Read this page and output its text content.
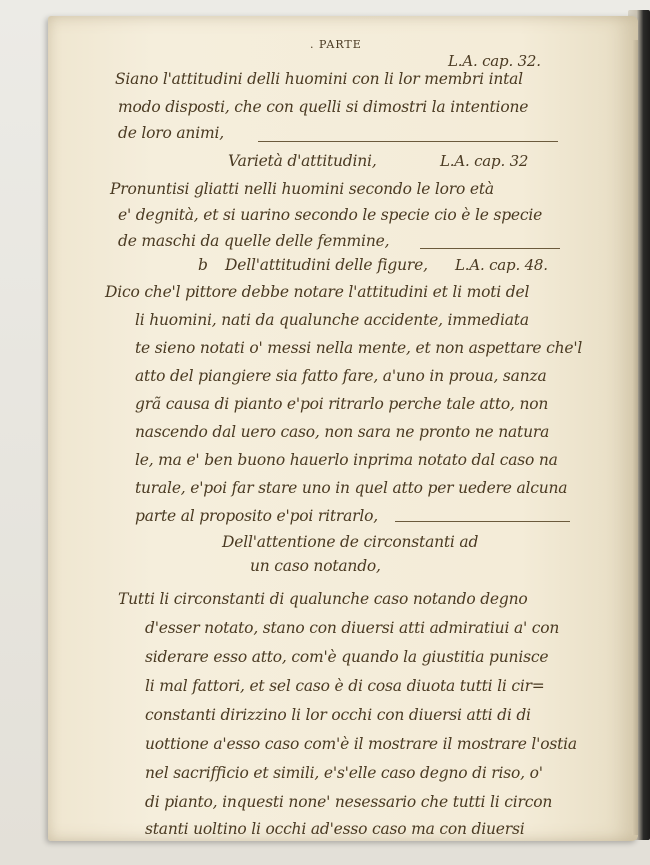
. PARTE
L.A. cap. 32.
Siano l'attitudini delli huomini con li lor membri intal
modo disposti, che con quelli si dimostri la intentione
de loro animi,
Varietà d'attitudini,	L.A. cap. 32
Pronuntisi gliatti nelli huomini secondo le loro età
e' degnità, et si uarino secondo le specie cio è le specie
de maschi da quelle delle femmine,
b Dell'attitudini delle figure, L.A. cap. 48.
Dico che'l pittore debbe notare l'attitudini et li moti del
li huomini, nati da qualunche accidente, immediata
te sieno notati o' messi nella mente, et non aspettare che'l
atto del piangiere sia fatto fare, a'uno in proua, sanza
grã causa di pianto e'poi ritrarlo perche tale atto, non
nascendo dal uero caso, non sara ne pronto ne natura
le, ma e' ben buono hauerlo inprima notato dal caso na
turale, e'poi far stare uno in quel atto per uedere alcuna
parte al proposito e'poi ritrarlo,
Dell'attentione de circonstanti ad
un caso notando,
Tutti li circonstanti di qualunche caso notando degno
d'esser notato, stano con diuersi atti admiratiui a' con
siderare esso atto, com'è quando la giustitia punisce
li mal fattori, et sel caso è di cosa diuota tutti li cir=
constanti dirizzino li lor occhi con diuersi atti di di
uottione a'esso caso com'è il mostrare il mostrare l'ostia
nel sacrifficio et simili, e's'elle caso degno di riso, o'
di pianto, inquesti none' nesessario che tutti li circon
stanti uoltino li occhi ad'esso caso ma con diuersi
